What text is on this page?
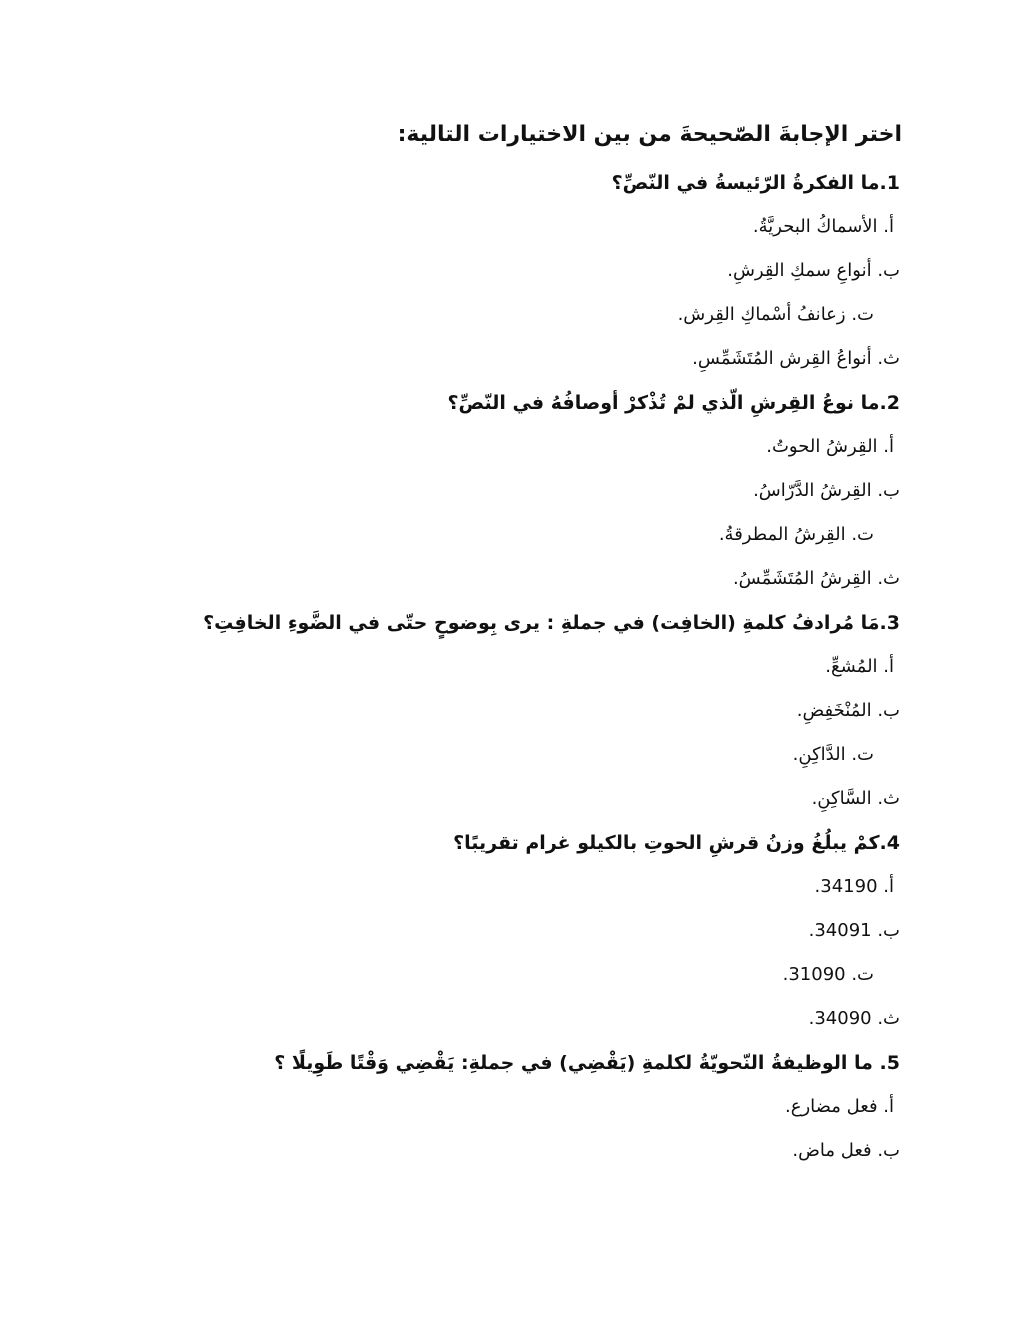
اختر الإجابةَ الصّحيحةَ من بين الاختيارات التالية:
1.ما الفكرةُ الرّئيسةُ في النّصِّ؟
أ. الأسماكُ البحريَّةُ.
ب. أنواعِ سمكِ القِرشِ.
ت. زعانفُ أسْماكِ القِرش.
ث. أنواعُ القِرش المُتَشَمِّسِ.
2.ما نوعُ القِرشِ الّذي لمْ تُذْكرْ أوصافُهُ في النّصِّ؟
أ. القِرشُ الحوتُ.
ب. القِرشُ الدَّرّاسُ.
ت. القِرشُ المطرقةُ.
ث. القِرشُ المُتَشَمِّسُ.
3.مَا مُرادفُ كلمةِ (الخافِت) في جملةِ : يرى بِوضوحٍ حتّى في الضَّوءِ الخافِتِ؟
أ. المُشعِّ.
ب. المُنْخَفِضِ.
ت. الدَّاكِنِ.
ث. السَّاكِنِ.
4.كمْ يبلُغُ وزنُ قرشِ الحوتِ بالكيلو غرام تقريبًا؟
أ. 34190.
ب. 34091.
ت. 31090.
ث. 34090.
5. ما الوظيفةُ النّحويّةُ لكلمةِ (يَقْضِي) في جملةِ: يَقْضِي وَقْتًا طَوِيلًا ؟
أ. فعل مضارع.
ب. فعل ماض.
